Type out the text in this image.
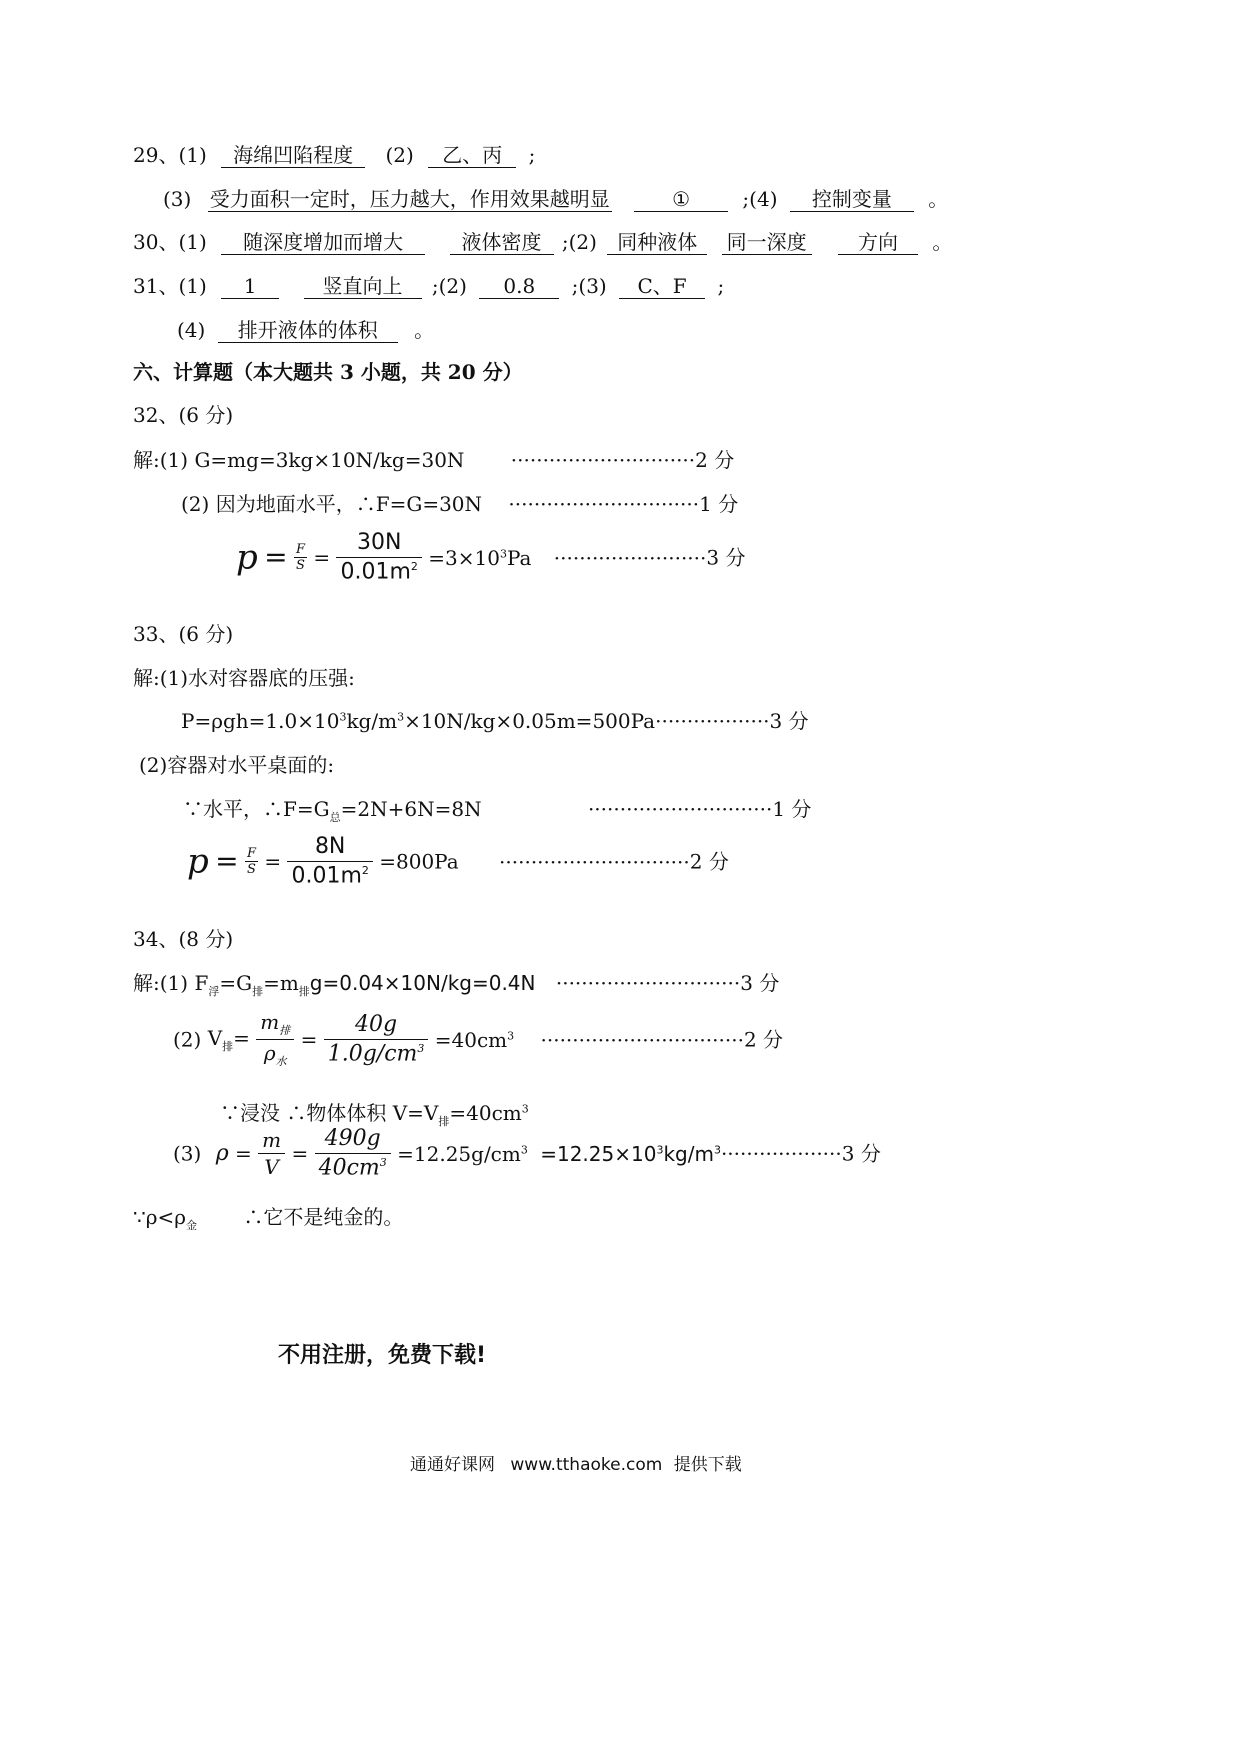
29、(1) 海绵凹陷程度 (2) 乙、丙 ;
(3) 受力面积一定时，压力越大，作用效果越明显	①	;(4) 控制变量 。
30、(1) 随深度增加而增大	液体密度 ;(2) 同种液体 同一深度	方向 。
31、(1) 1	竖直向上 ;(2) 0.8 ;(3) C、F ;
(4) 排开液体的体积 。
六、计算题（本大题共 3 小题，共 20 分）
32、(6 分)
解:(1) G=mg=3kg×10N/kg=30N ·····························2 分
(2) 因为地面水平，∴F=G=30N ······························1 分
$p = \frac{F}{S} = \frac{30N}{0.01m^2} =3\times 10^3Pa \cdot\cdot\cdot\cdot\cdot\cdot\cdot\cdot\cdot\cdot\cdot\cdot\cdot\cdot\cdot\cdot\cdot\cdot\cdot\cdot\cdot\cdot\cdot\cdot 3$ 分
33、(6 分)
解:(1)水对容器底的压强:
$P=\rho gh=1.0\times 10^3kg/m^3\times 10N/kg\times 0.05m=500Pa\cdot\cdot\cdot\cdot\cdot\cdot\cdot\cdot\cdot\cdot\cdot\cdot\cdot\cdot\cdot\cdot\cdot\cdot 3$ 分
(2)容器对水平桌面的:
∵水平，$\therefore F=G_总=2N+6N=8N$	·····························1 分
$p = \frac{F}{S} = \frac{8N}{0.01m^2} =800Pa \cdot\cdot\cdot\cdot\cdot\cdot\cdot\cdot\cdot\cdot\cdot\cdot\cdot\cdot\cdot\cdot\cdot\cdot\cdot\cdot\cdot\cdot\cdot\cdot\cdot\cdot\cdot\cdot\cdot\cdot 2$ 分
34、(8 分)
解:(1) $F_浮=G_排=m_排g=0.04\times 10N/kg=0.4N \cdot\cdot\cdot\cdot\cdot\cdot\cdot\cdot\cdot\cdot\cdot\cdot\cdot\cdot\cdot\cdot\cdot\cdot\cdot\cdot\cdot\cdot\cdot\cdot\cdot\cdot\cdot\cdot\cdot 3$ 分
(2) $V_排= \frac{m_排}{\rho_水} = \frac{40g}{1.0g/cm^3} =40cm^3 \cdot\cdot\cdot\cdot\cdot\cdot\cdot\cdot\cdot\cdot\cdot\cdot\cdot\cdot\cdot\cdot\cdot\cdot\cdot\cdot\cdot\cdot\cdot\cdot\cdot\cdot\cdot\cdot\cdot\cdot\cdot\cdot 2$ 分
∵浸没 ∴物体体积 $V=V_排=40cm^3$
(3) $\rho = \frac{m}{V} = \frac{490g}{40cm^3} =12.25g/cm^3 =12.25\times 10^3kg/m^3\cdot\cdot\cdot\cdot\cdot\cdot\cdot\cdot\cdot\cdot\cdot\cdot\cdot\cdot\cdot\cdot\cdot\cdot\cdot 3$ 分
$\because\rho<\rho_金$ ∴它不是纯金的。
不用注册，免费下载!
通通好课网 www.tthaoke.com 提供下载
